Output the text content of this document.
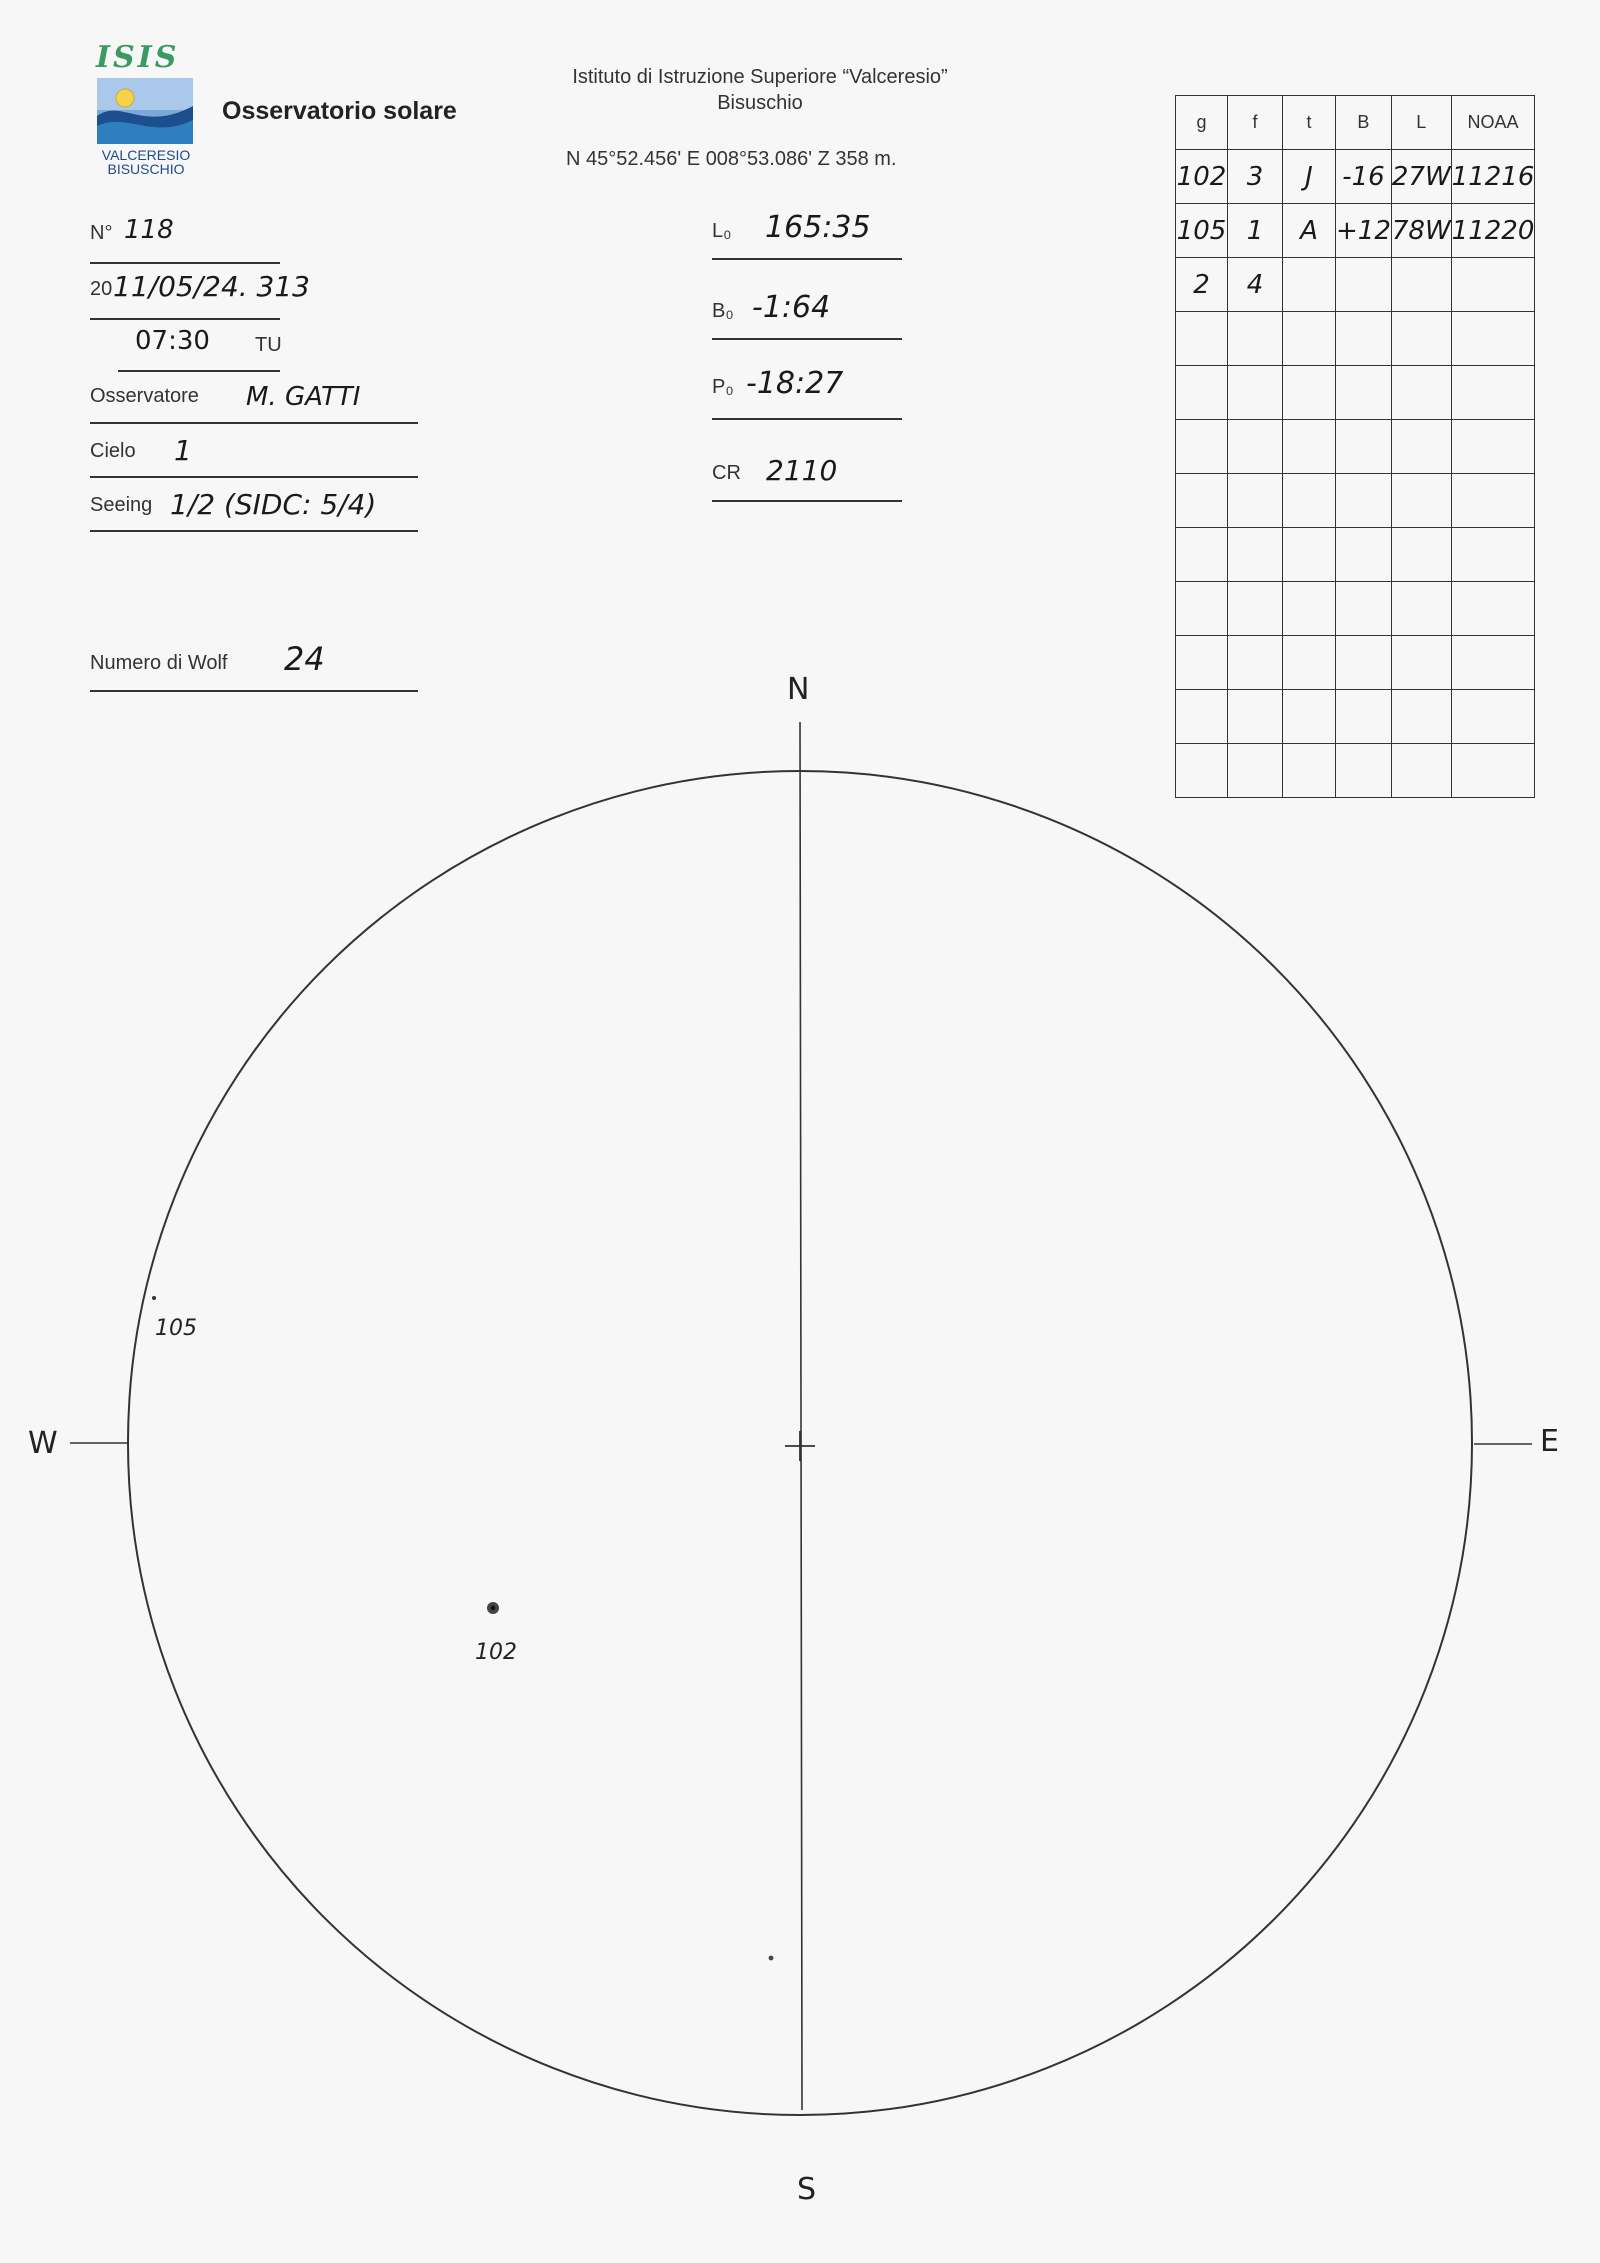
ISIS
VALCERESIO
BISUSCHIO
Osservatorio solare
Istituto di Istruzione Superiore “Valceresio”
Bisuschio
N 45°52.456' E 008°53.086' Z 358 m.
N° 118
20 11/05/24. 313
07:30 TU
Osservatore M. GATTI
Cielo 1
Seeing 1/2 (SIDC: 5/4)
Numero di Wolf 24
L₀ 165:35
B₀ -1:64
P₀ -18:27
CR 2110
g	f	t	B	L	NOAA
102	3	J	-16	27W	11216
105	1	A	+12	78W	11220
2	4				

N
S
W	E
105
102
